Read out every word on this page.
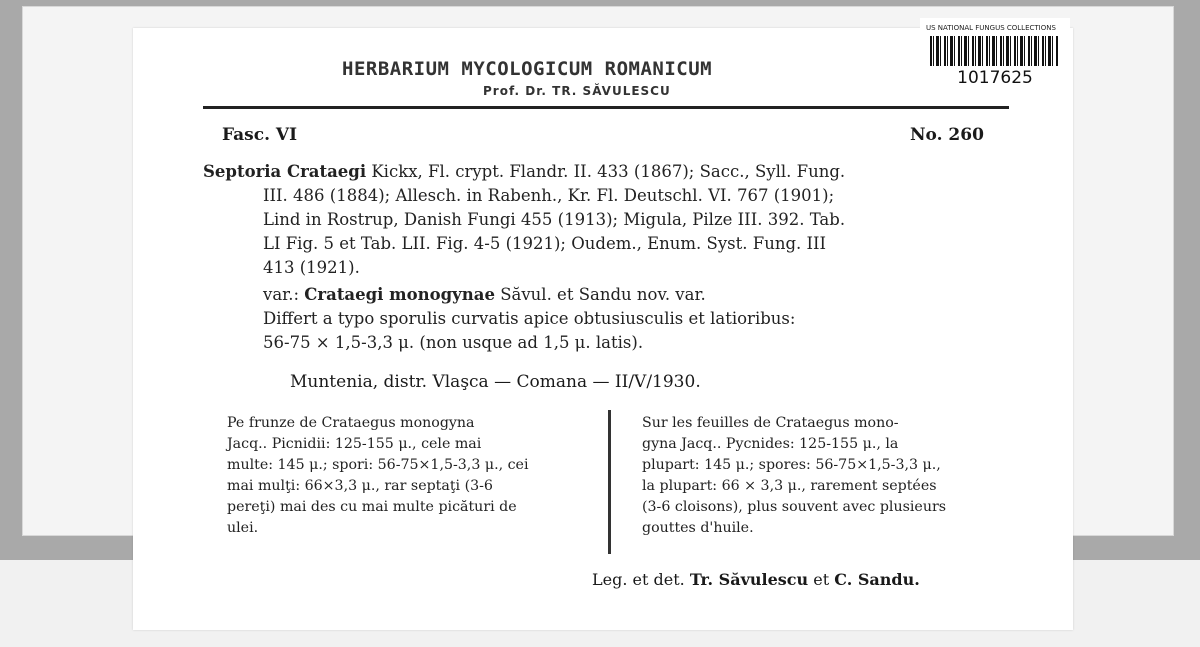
US NATIONAL FUNGUS COLLECTIONS
1017625
HERBARIUM MYCOLOGICUM ROMANICUM
Prof. Dr. TR. SĂVULESCU
Fasc. VI	No. 260
Septoria Crataegi Kickx, Fl. crypt. Flandr. II. 433 (1867); Sacc., Syll. Fung.
III. 486 (1884); Allesch. in Rabenh., Kr. Fl. Deutschl. VI. 767 (1901);
Lind in Rostrup, Danish Fungi 455 (1913); Migula, Pilze III. 392. Tab.
LI Fig. 5 et Tab. LII. Fig. 4-5 (1921); Oudem., Enum. Syst. Fung. III
413 (1921).
var.: Crataegi monogynae Săvul. et Sandu nov. var.
Differt a typo sporulis curvatis apice obtusiusculis et latioribus:
56-75 × 1,5-3,3 μ. (non usque ad 1,5 μ. latis).
Muntenia, distr. Vlaşca — Comana — II/V/1930.
Pe frunze de Crataegus monogyna
Jacq.. Picnidii: 125-155 μ., cele mai
multe: 145 μ.; spori: 56-75×1,5-3,3 μ., cei
mai mulţi: 66×3,3 μ., rar septaţi (3-6
pereţi) mai des cu mai multe picături de
ulei.
Sur les feuilles de Crataegus mono-
gyna Jacq.. Pycnides: 125-155 μ., la
plupart: 145 μ.; spores: 56-75×1,5-3,3 μ.,
la plupart: 66 × 3,3 μ., rarement septées
(3-6 cloisons), plus souvent avec plusieurs
gouttes d'huile.
Leg. et det. Tr. Săvulescu et C. Sandu.
